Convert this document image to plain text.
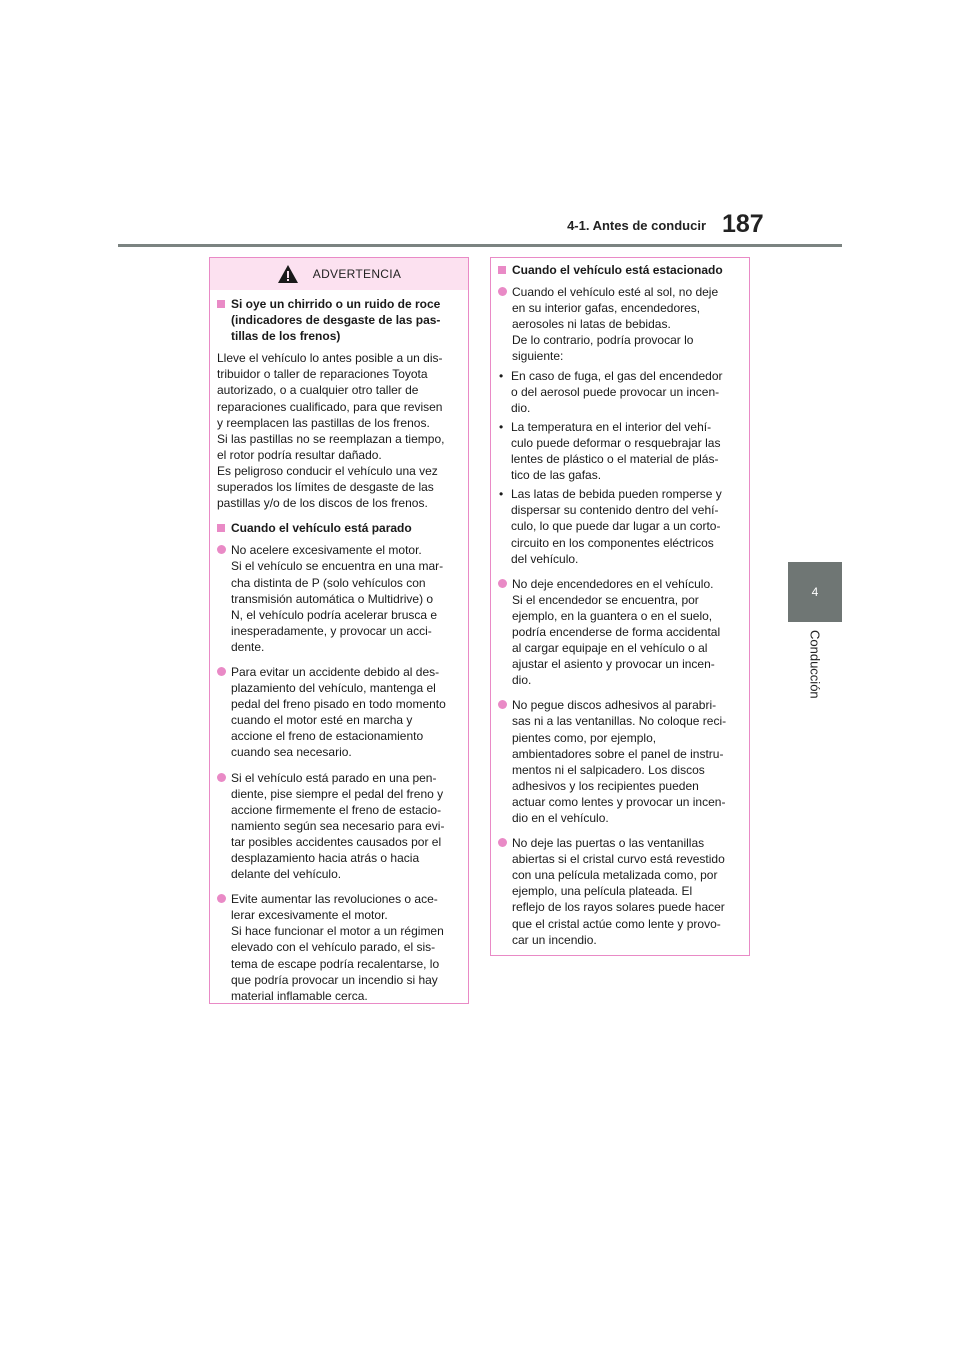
4-1. Antes de conducir 187
4
Conducción
ADVERTENCIA
Si oye un chirrido o un ruido de roce
(indicadores de desgaste de las pas-
tillas de los frenos)
Lleve el vehículo lo antes posible a un dis-
tribuidor o taller de reparaciones Toyota
autorizado, o a cualquier otro taller de
reparaciones cualificado, para que revisen
y reemplacen las pastillas de los frenos.
Si las pastillas no se reemplazan a tiempo,
el rotor podría resultar dañado.
Es peligroso conducir el vehículo una vez
superados los límites de desgaste de las
pastillas y/o de los discos de los frenos.
Cuando el vehículo está parado
No acelere excesivamente el motor.
Si el vehículo se encuentra en una mar-
cha distinta de P (solo vehículos con
transmisión automática o Multidrive) o
N, el vehículo podría acelerar brusca e
inesperadamente, y provocar un acci-
dente.
Para evitar un accidente debido al des-
plazamiento del vehículo, mantenga el
pedal del freno pisado en todo momento
cuando el motor esté en marcha y
accione el freno de estacionamiento
cuando sea necesario.
Si el vehículo está parado en una pen-
diente, pise siempre el pedal del freno y
accione firmemente el freno de estacio-
namiento según sea necesario para evi-
tar posibles accidentes causados por el
desplazamiento hacia atrás o hacia
delante del vehículo.
Evite aumentar las revoluciones o ace-
lerar excesivamente el motor.
Si hace funcionar el motor a un régimen
elevado con el vehículo parado, el sis-
tema de escape podría recalentarse, lo
que podría provocar un incendio si hay
material inflamable cerca.
Cuando el vehículo está estacionado
Cuando el vehículo esté al sol, no deje
en su interior gafas, encendedores,
aerosoles ni latas de bebidas.
De lo contrario, podría provocar lo
siguiente:
• En caso de fuga, el gas del encendedor
o del aerosol puede provocar un incen-
dio.
• La temperatura en el interior del vehí-
culo puede deformar o resquebrajar las
lentes de plástico o el material de plás-
tico de las gafas.
• Las latas de bebida pueden romperse y
dispersar su contenido dentro del vehí-
culo, lo que puede dar lugar a un corto-
circuito en los componentes eléctricos
del vehículo.
No deje encendedores en el vehículo.
Si el encendedor se encuentra, por
ejemplo, en la guantera o en el suelo,
podría encenderse de forma accidental
al cargar equipaje en el vehículo o al
ajustar el asiento y provocar un incen-
dio.
No pegue discos adhesivos al parabri-
sas ni a las ventanillas. No coloque reci-
pientes como, por ejemplo,
ambientadores sobre el panel de instru-
mentos ni el salpicadero. Los discos
adhesivos y los recipientes pueden
actuar como lentes y provocar un incen-
dio en el vehículo.
No deje las puertas o las ventanillas
abiertas si el cristal curvo está revestido
con una película metalizada como, por
ejemplo, una película plateada. El
reflejo de los rayos solares puede hacer
que el cristal actúe como lente y provo-
car un incendio.
